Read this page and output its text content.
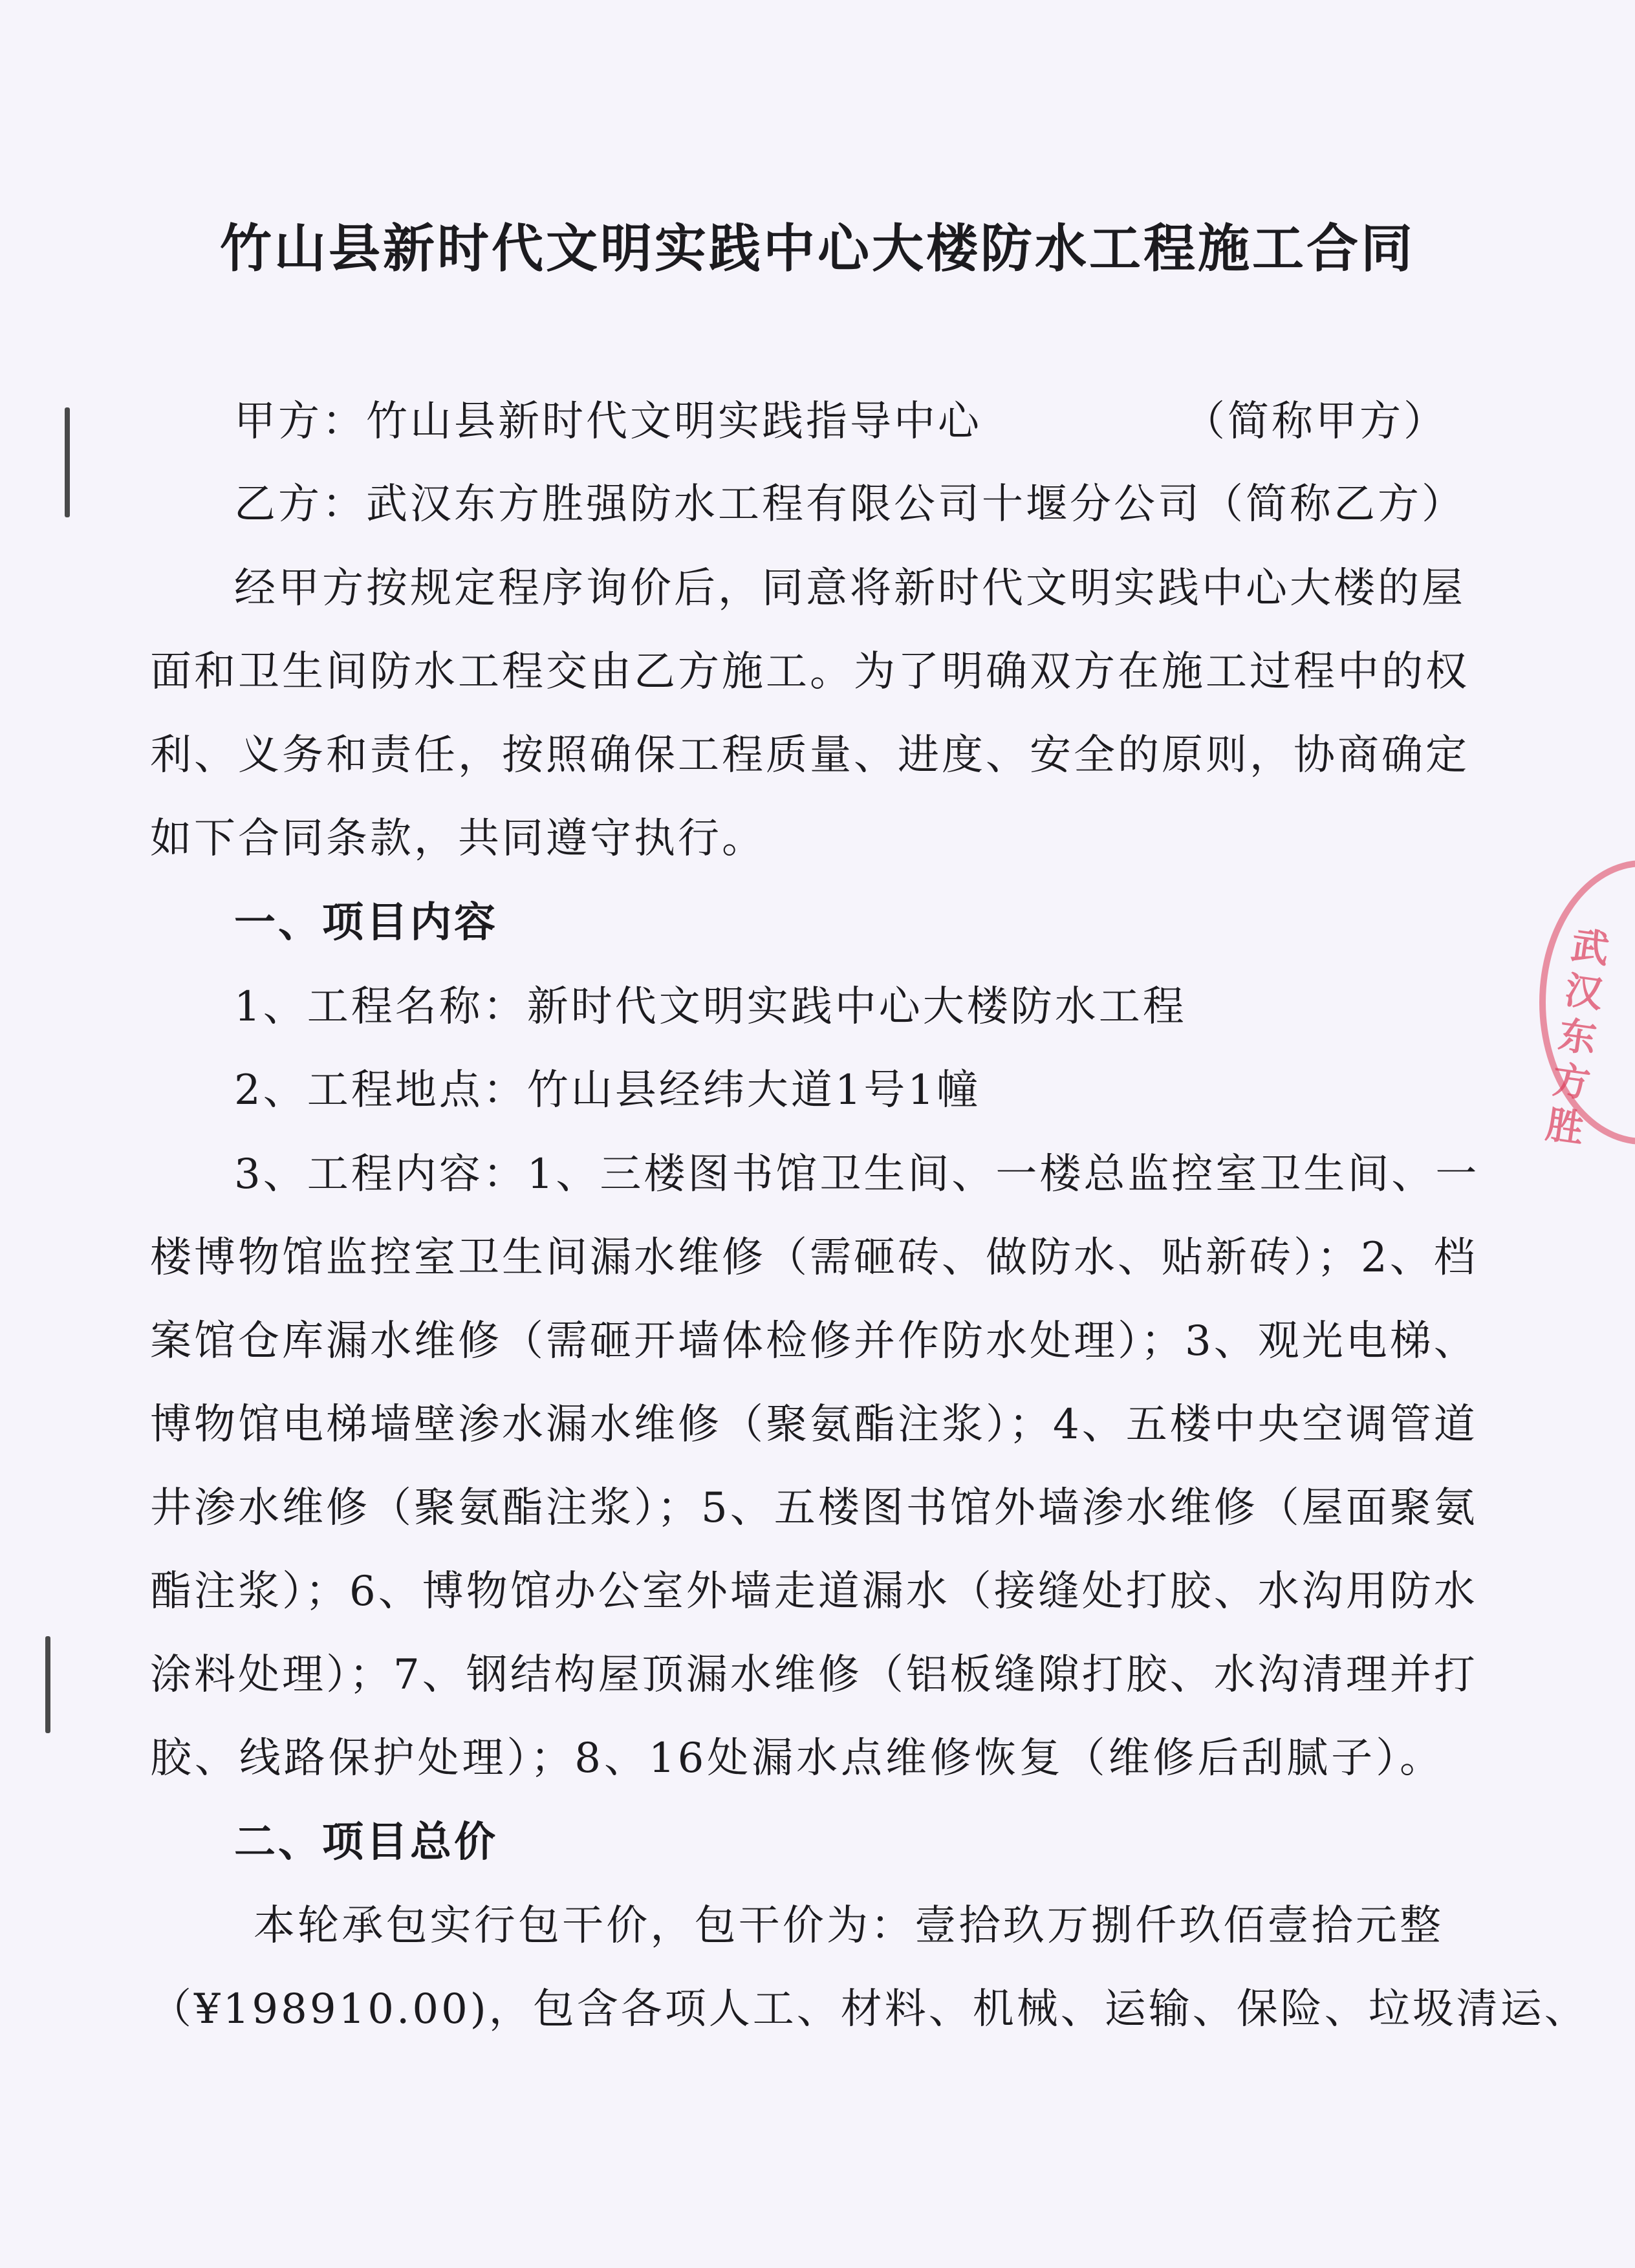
竹山县新时代文明实践中心大楼防水工程施工合同

甲方：竹山县新时代文明实践指导中心	（简称甲方）

乙方：武汉东方胜强防水工程有限公司十堰分公司（简称乙方）

经甲方按规定程序询价后，同意将新时代文明实践中心大楼的屋

面和卫生间防水工程交由乙方施工。为了明确双方在施工过程中的权

利、义务和责任，按照确保工程质量、进度、安全的原则，协商确定

如下合同条款，共同遵守执行。

一、项目内容

1、工程名称：新时代文明实践中心大楼防水工程

2、工程地点：竹山县经纬大道1号1幢

3、工程内容：1、三楼图书馆卫生间、一楼总监控室卫生间、一

楼博物馆监控室卫生间漏水维修（需砸砖、做防水、贴新砖）；2、档

案馆仓库漏水维修（需砸开墙体检修并作防水处理）；3、观光电梯、

博物馆电梯墙壁渗水漏水维修（聚氨酯注浆）；4、五楼中央空调管道

井渗水维修（聚氨酯注浆）；5、五楼图书馆外墙渗水维修（屋面聚氨

酯注浆）；6、博物馆办公室外墙走道漏水（接缝处打胶、水沟用防水

涂料处理）；7、钢结构屋顶漏水维修（铝板缝隙打胶、水沟清理并打

胶、线路保护处理）；8、16处漏水点维修恢复（维修后刮腻子）。

二、项目总价

本轮承包实行包干价，包干价为：壹拾玖万捌仟玖佰壹拾元整

（¥198910.00)，包含各项人工、材料、机械、运输、保险、垃圾清运、

武汉东方胜
